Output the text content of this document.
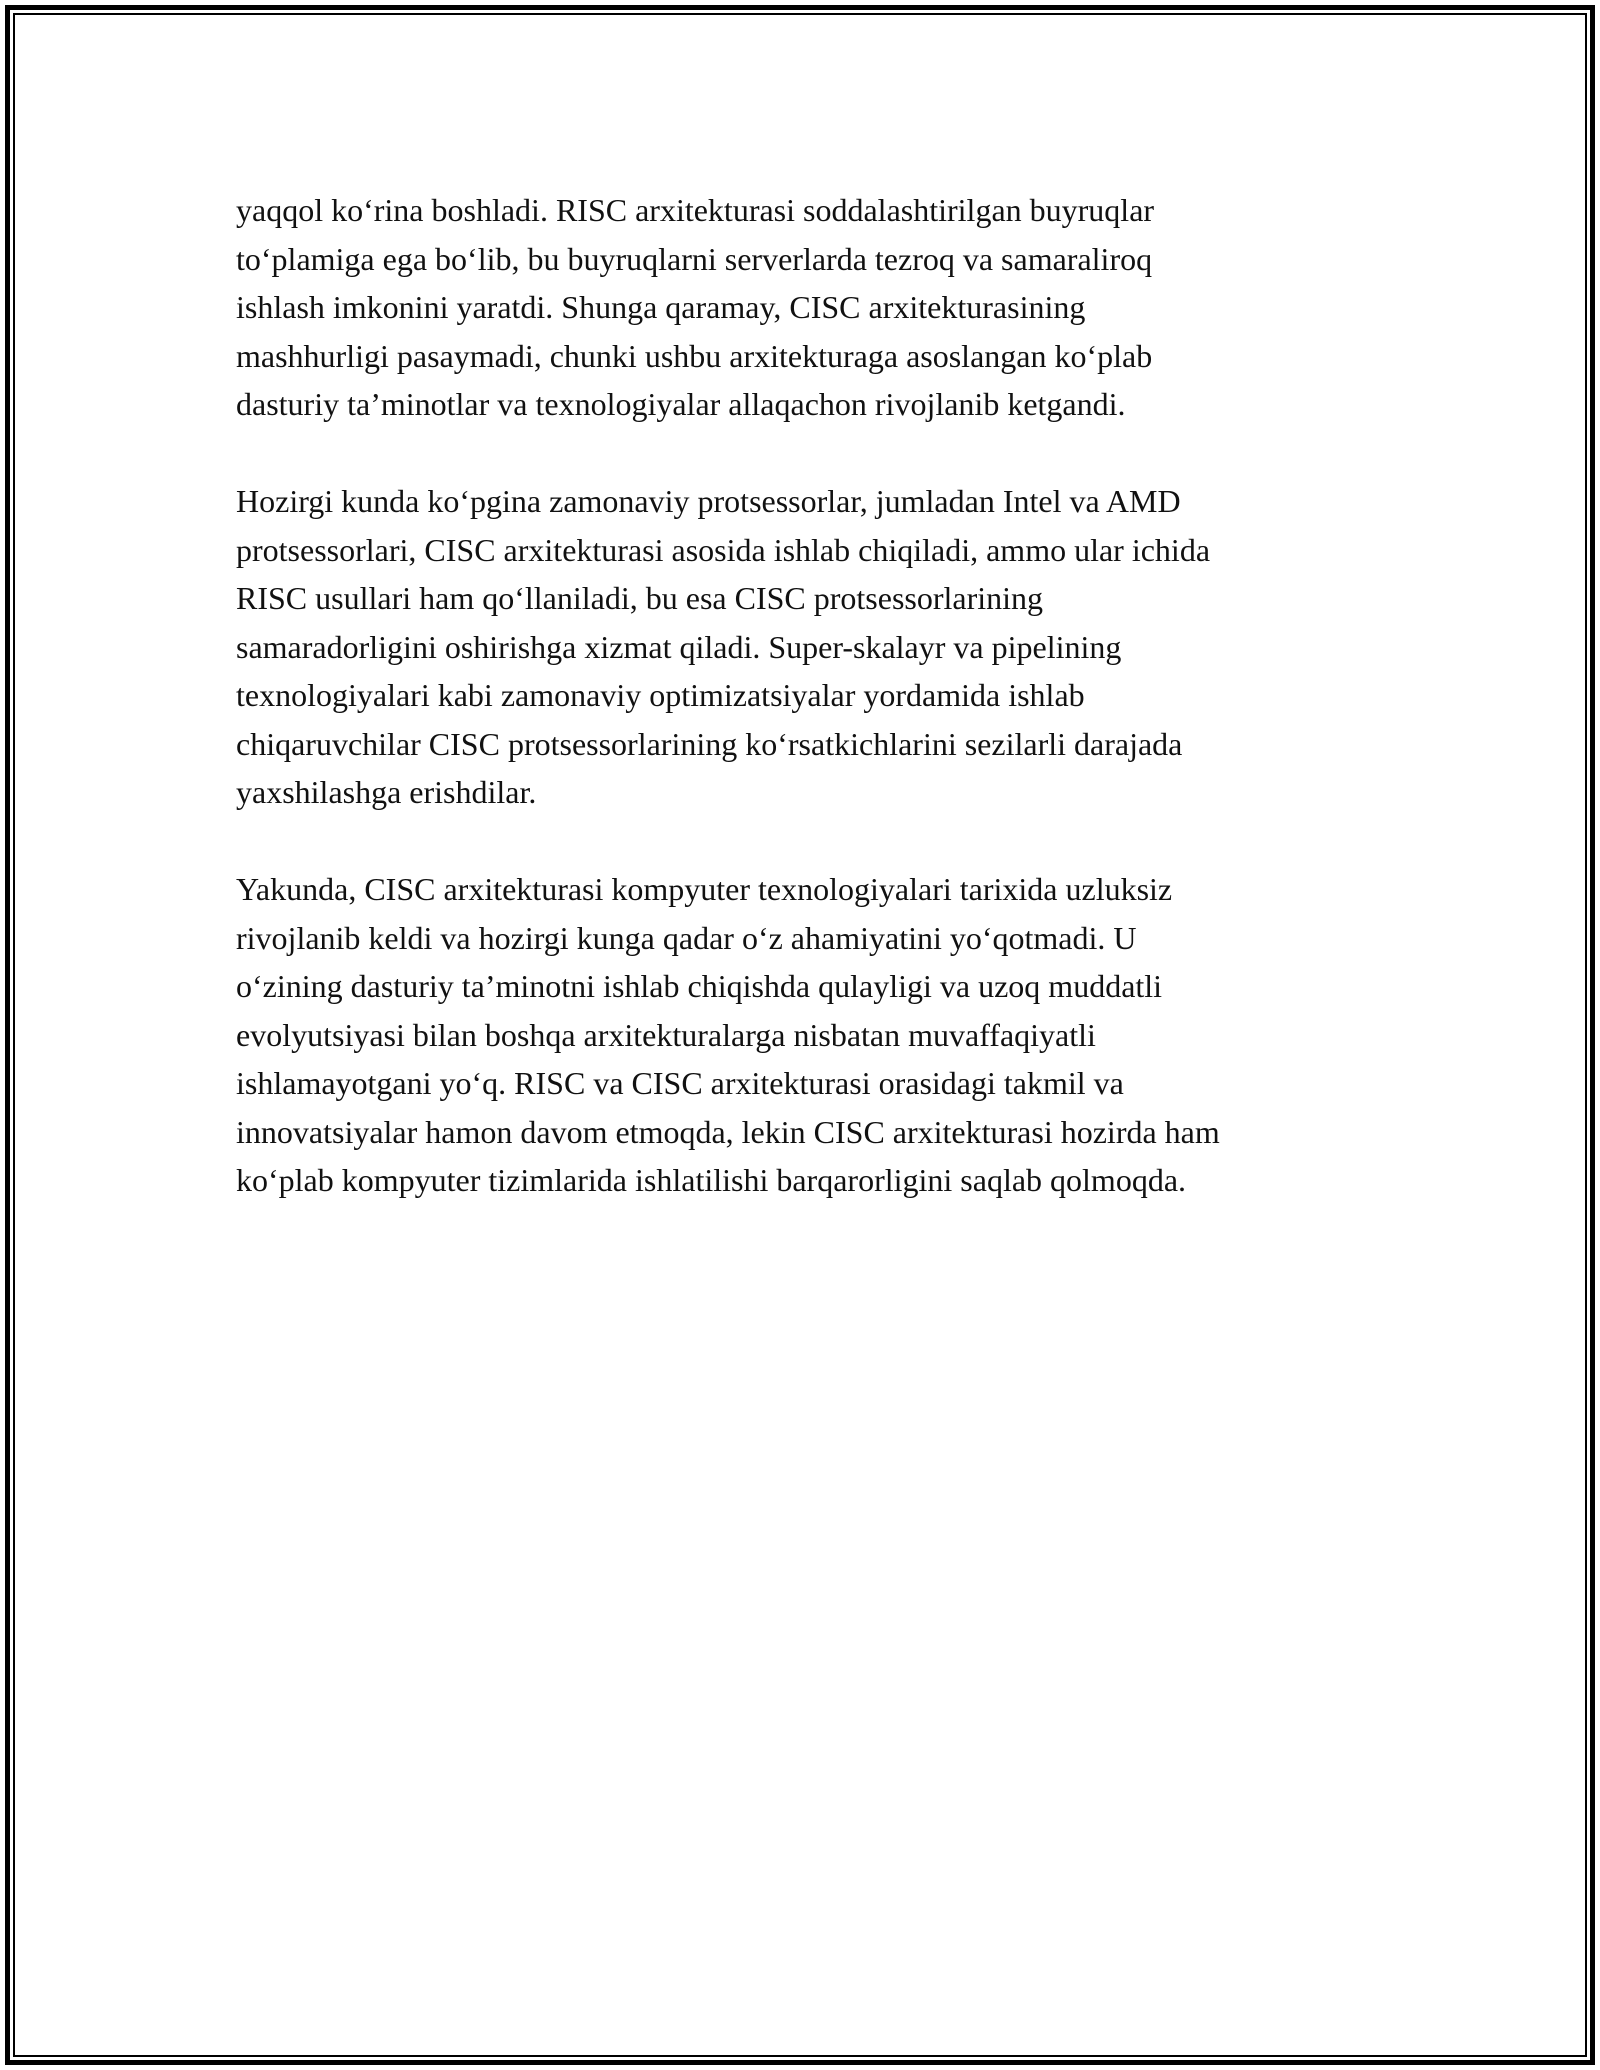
yaqqol ko‘rina boshladi. RISC arxitekturasi soddalashtirilgan buyruqlar
to‘plamiga ega bo‘lib, bu buyruqlarni serverlarda tezroq va samaraliroq
ishlash imkonini yaratdi. Shunga qaramay, CISC arxitekturasining
mashhurligi pasaymadi, chunki ushbu arxitekturaga asoslangan ko‘plab
dasturiy ta’minotlar va texnologiyalar allaqachon rivojlanib ketgandi.

Hozirgi kunda ko‘pgina zamonaviy protsessorlar, jumladan Intel va AMD
protsessorlari, CISC arxitekturasi asosida ishlab chiqiladi, ammo ular ichida
RISC usullari ham qo‘llaniladi, bu esa CISC protsessorlarining
samaradorligini oshirishga xizmat qiladi. Super-skalayr va pipelining
texnologiyalari kabi zamonaviy optimizatsiyalar yordamida ishlab
chiqaruvchilar CISC protsessorlarining ko‘rsatkichlarini sezilarli darajada
yaxshilashga erishdilar.

Yakunda, CISC arxitekturasi kompyuter texnologiyalari tarixida uzluksiz
rivojlanib keldi va hozirgi kunga qadar o‘z ahamiyatini yo‘qotmadi. U
o‘zining dasturiy ta’minotni ishlab chiqishda qulayligi va uzoq muddatli
evolyutsiyasi bilan boshqa arxitekturalarga nisbatan muvaffaqiyatli
ishlamayotgani yo‘q. RISC va CISC arxitekturasi orasidagi takmil va
innovatsiyalar hamon davom etmoqda, lekin CISC arxitekturasi hozirda ham
ko‘plab kompyuter tizimlarida ishlatilishi barqarorligini saqlab qolmoqda.
